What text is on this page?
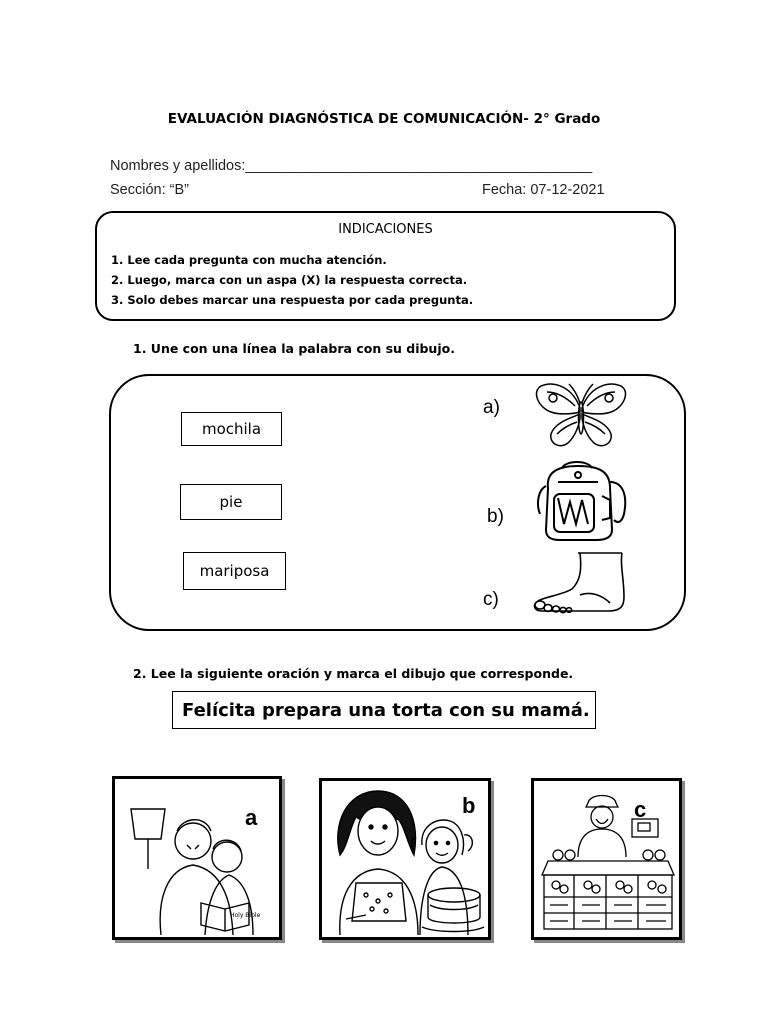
EVALUACIÓN DIAGNÓSTICA DE COMUNICACIÓN- 2° Grado
Nombres y apellidos:___________________________________________
Sección: “B”	Fecha: 07-12-2021
INDICACIONES
1. Lee cada pregunta con mucha atención.
2. Luego, marca con un aspa (X) la respuesta correcta.
3. Solo debes marcar una respuesta por cada pregunta.
1. Une con una línea la palabra con su dibujo.
mochila
pie
mariposa
a)
b)
c)
2. Lee la siguiente oración y marca el dibujo que corresponde.
Felícita prepara una torta con su mamá.
a
Holy Bible
b	c
